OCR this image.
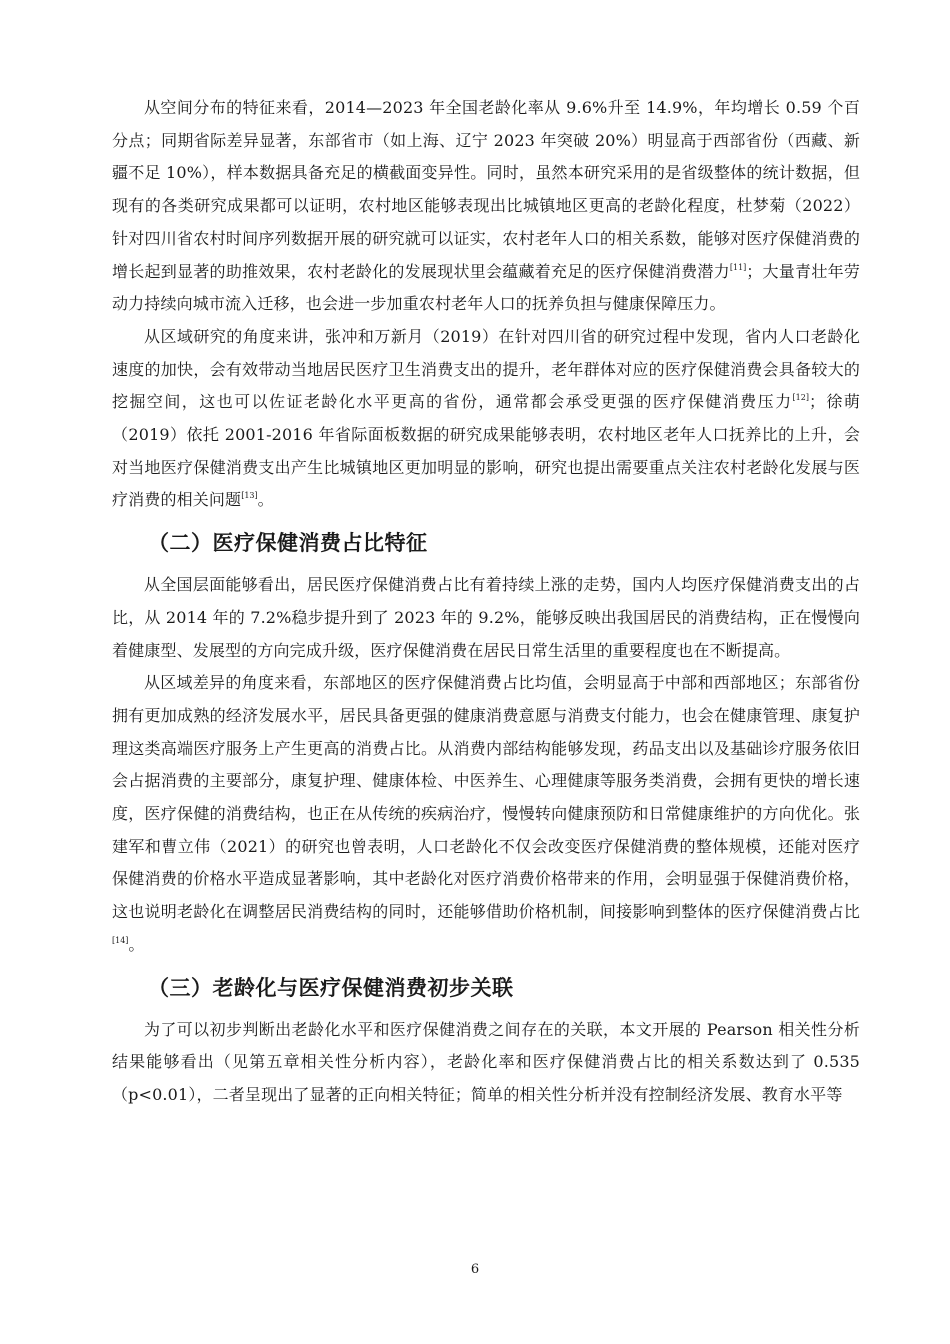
从空间分布的特征来看，2014—2023 年全国老龄化率从 9.6%升至 14.9%，年均增长 0.59 个百分点；同期省际差异显著，东部省市（如上海、辽宁 2023 年突破 20%）明显高于西部省份（西藏、新疆不足 10%），样本数据具备充足的横截面变异性。同时，虽然本研究采用的是省级整体的统计数据，但现有的各类研究成果都可以证明，农村地区能够表现出比城镇地区更高的老龄化程度，杜梦菊（2022）针对四川省农村时间序列数据开展的研究就可以证实，农村老年人口的相关系数，能够对医疗保健消费的增长起到显著的助推效果，农村老龄化的发展现状里会蕴藏着充足的医疗保健消费潜力[11]；大量青壮年劳动力持续向城市流入迁移，也会进一步加重农村老年人口的抚养负担与健康保障压力。

从区域研究的角度来讲，张冲和万新月（2019）在针对四川省的研究过程中发现，省内人口老龄化速度的加快，会有效带动当地居民医疗卫生消费支出的提升，老年群体对应的医疗保健消费会具备较大的挖掘空间，这也可以佐证老龄化水平更高的省份，通常都会承受更强的医疗保健消费压力[12]；徐萌（2019）依托 2001-2016 年省际面板数据的研究成果能够表明，农村地区老年人口抚养比的上升，会对当地医疗保健消费支出产生比城镇地区更加明显的影响，研究也提出需要重点关注农村老龄化发展与医疗消费的相关问题[13]。

（二）医疗保健消费占比特征

从全国层面能够看出，居民医疗保健消费占比有着持续上涨的走势，国内人均医疗保健消费支出的占比，从 2014 年的 7.2%稳步提升到了 2023 年的 9.2%，能够反映出我国居民的消费结构，正在慢慢向着健康型、发展型的方向完成升级，医疗保健消费在居民日常生活里的重要程度也在不断提高。

从区域差异的角度来看，东部地区的医疗保健消费占比均值，会明显高于中部和西部地区；东部省份拥有更加成熟的经济发展水平，居民具备更强的健康消费意愿与消费支付能力，也会在健康管理、康复护理这类高端医疗服务上产生更高的消费占比。从消费内部结构能够发现，药品支出以及基础诊疗服务依旧会占据消费的主要部分，康复护理、健康体检、中医养生、心理健康等服务类消费，会拥有更快的增长速度，医疗保健的消费结构，也正在从传统的疾病治疗，慢慢转向健康预防和日常健康维护的方向优化。张建军和曹立伟（2021）的研究也曾表明，人口老龄化不仅会改变医疗保健消费的整体规模，还能对医疗保健消费的价格水平造成显著影响，其中老龄化对医疗消费价格带来的作用，会明显强于保健消费价格，这也说明老龄化在调整居民消费结构的同时，还能够借助价格机制，间接影响到整体的医疗保健消费占比[14]。

（三）老龄化与医疗保健消费初步关联

为了可以初步判断出老龄化水平和医疗保健消费之间存在的关联，本文开展的 Pearson 相关性分析结果能够看出（见第五章相关性分析内容），老龄化率和医疗保健消费占比的相关系数达到了 0.535（p<0.01），二者呈现出了显著的正向相关特征；简单的相关性分析并没有控制经济发展、教育水平等

6
